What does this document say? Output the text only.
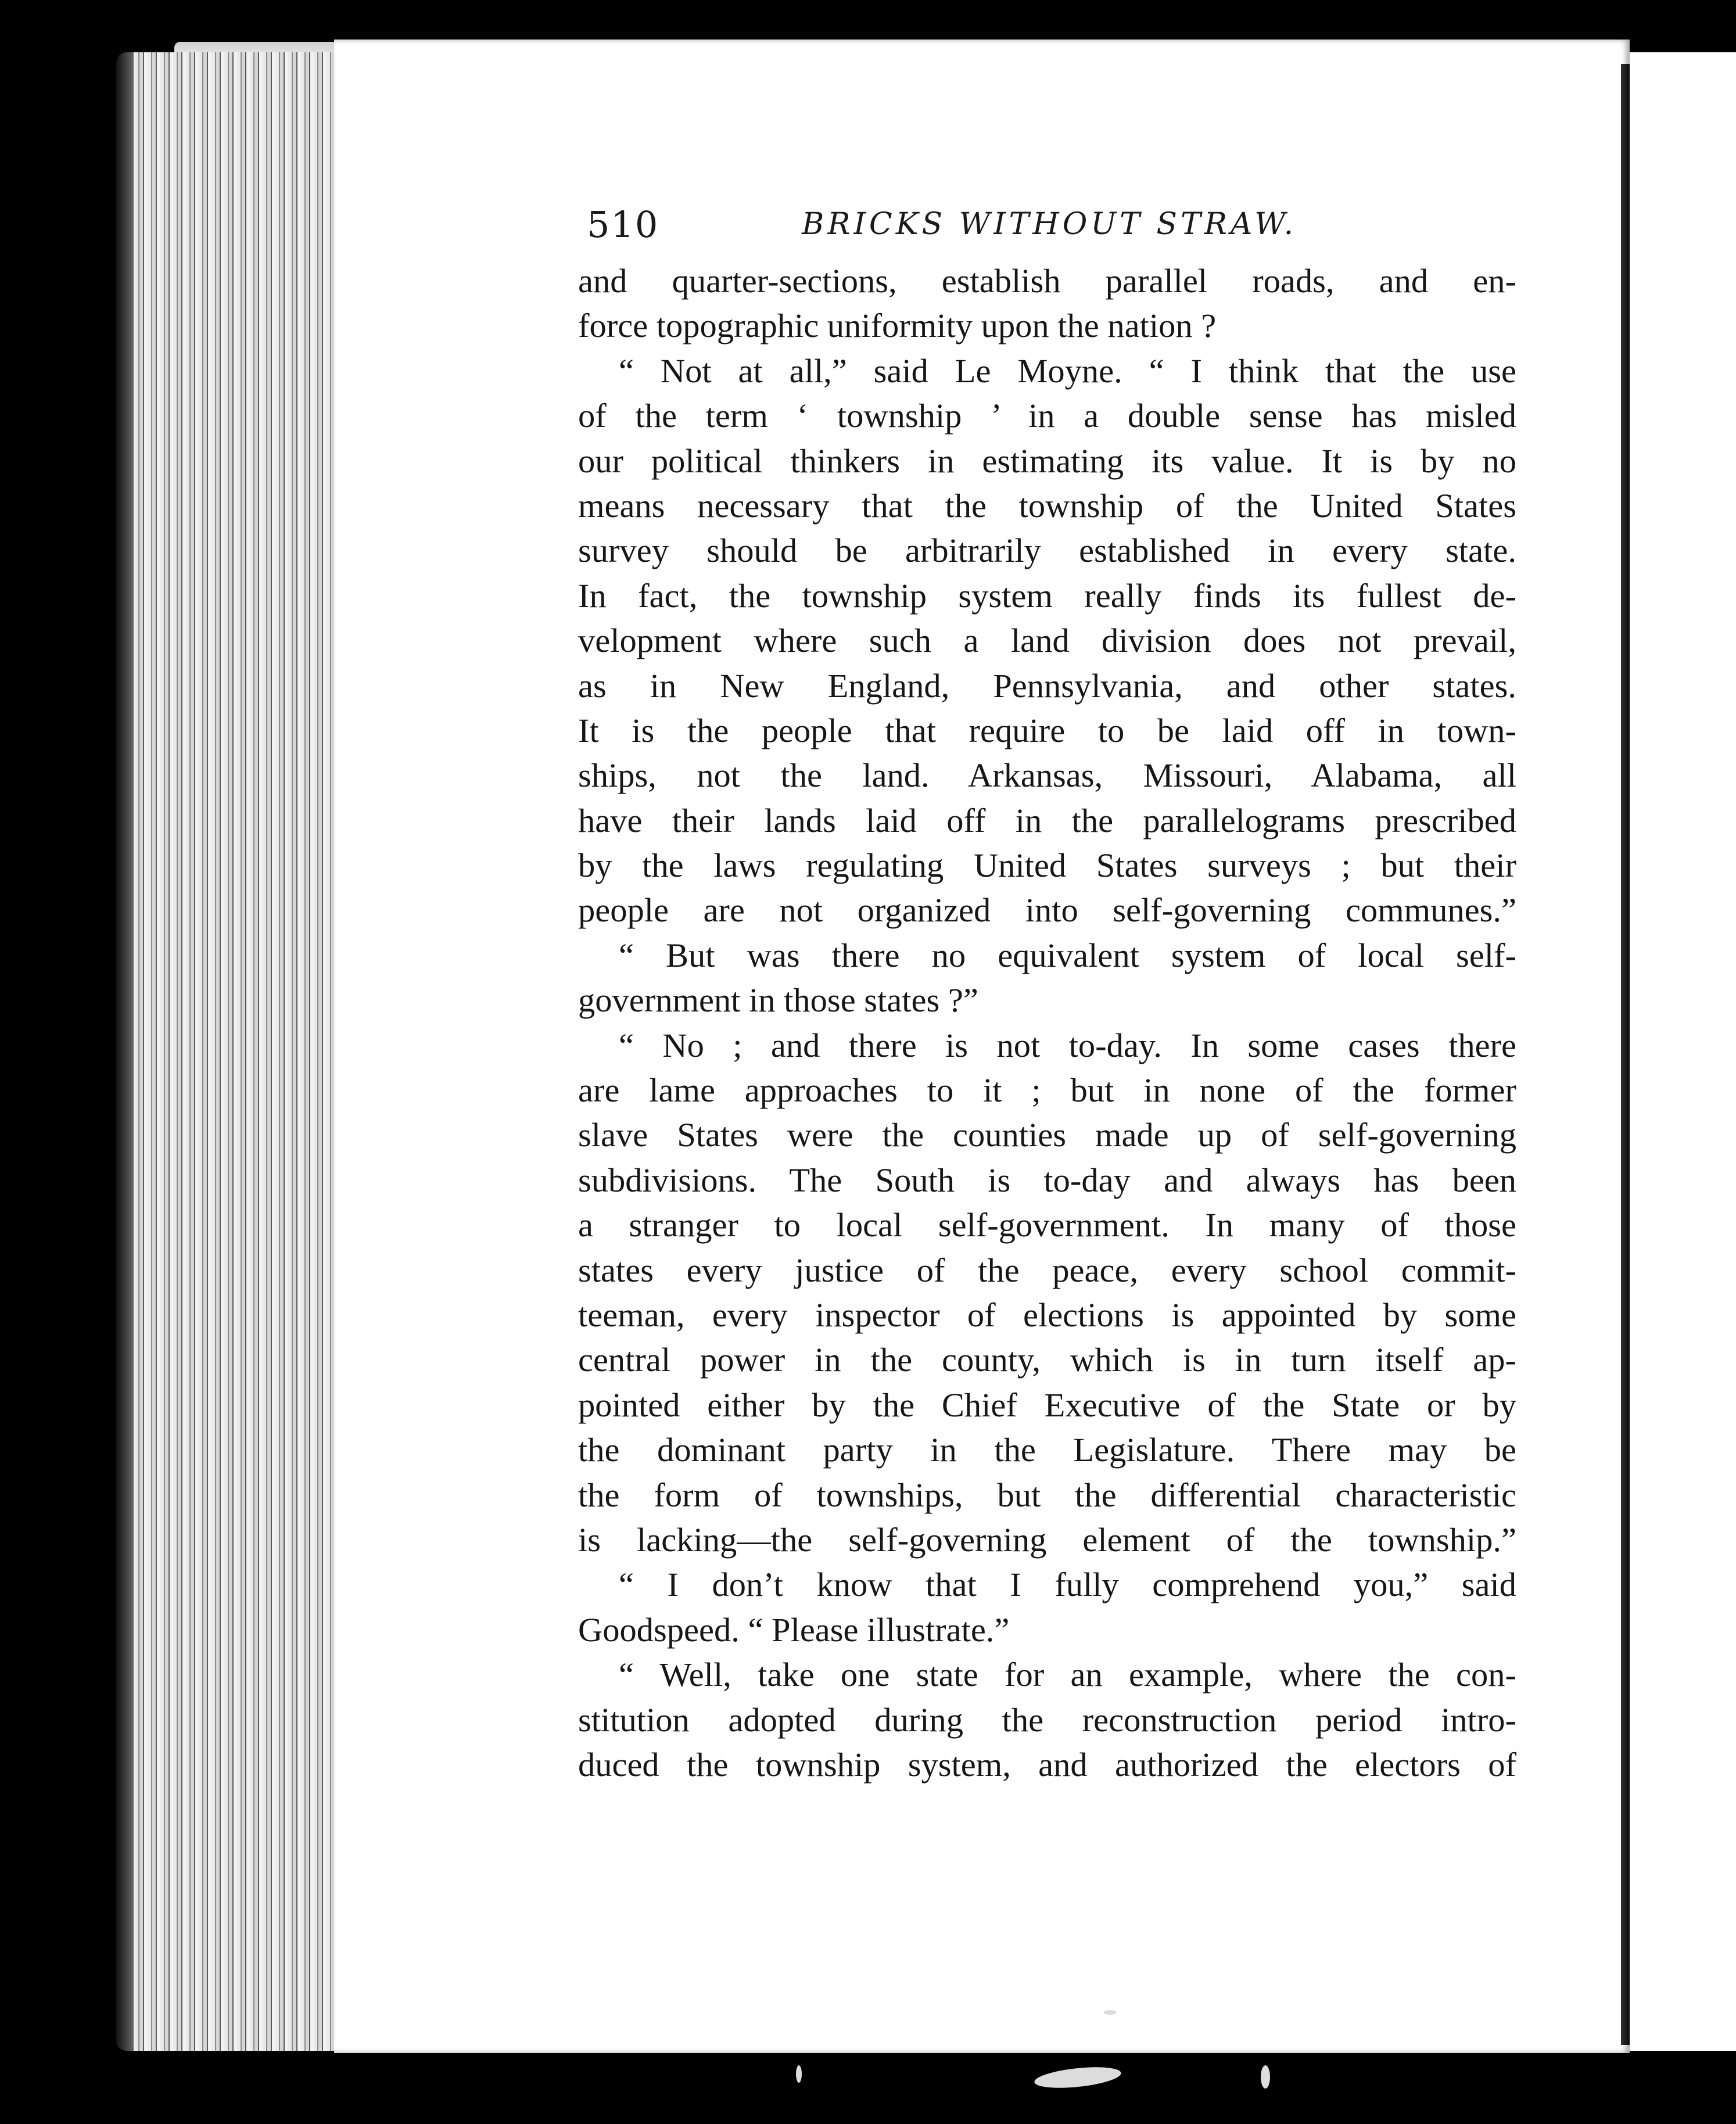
510	BRICKS WITHOUT STRAW.
and quarter-sections, establish parallel roads, and en-
force topographic uniformity upon the nation ?
“ Not at all,” said Le Moyne. “ I think that the use
of the term ‘ township ’ in a double sense has misled
our political thinkers in estimating its value. It is by no
means necessary that the township of the United States
survey should be arbitrarily established in every state.
In fact, the township system really finds its fullest de-
velopment where such a land division does not prevail,
as in New England, Pennsylvania, and other states.
It is the people that require to be laid off in town-
ships, not the land. Arkansas, Missouri, Alabama, all
have their lands laid off in the parallelograms prescribed
by the laws regulating United States surveys ; but their
people are not organized into self-governing communes.”
“ But was there no equivalent system of local self-
government in those states ?”
“ No ; and there is not to-day. In some cases there
are lame approaches to it ; but in none of the former
slave States were the counties made up of self-governing
subdivisions. The South is to-day and always has been
a stranger to local self-government. In many of those
states every justice of the peace, every school commit-
teeman, every inspector of elections is appointed by some
central power in the county, which is in turn itself ap-
pointed either by the Chief Executive of the State or by
the dominant party in the Legislature. There may be
the form of townships, but the differential characteristic
is lacking—the self-governing element of the township.”
“ I don’t know that I fully comprehend you,” said
Goodspeed. “ Please illustrate.”
“ Well, take one state for an example, where the con-
stitution adopted during the reconstruction period intro-
duced the township system, and authorized the electors of
